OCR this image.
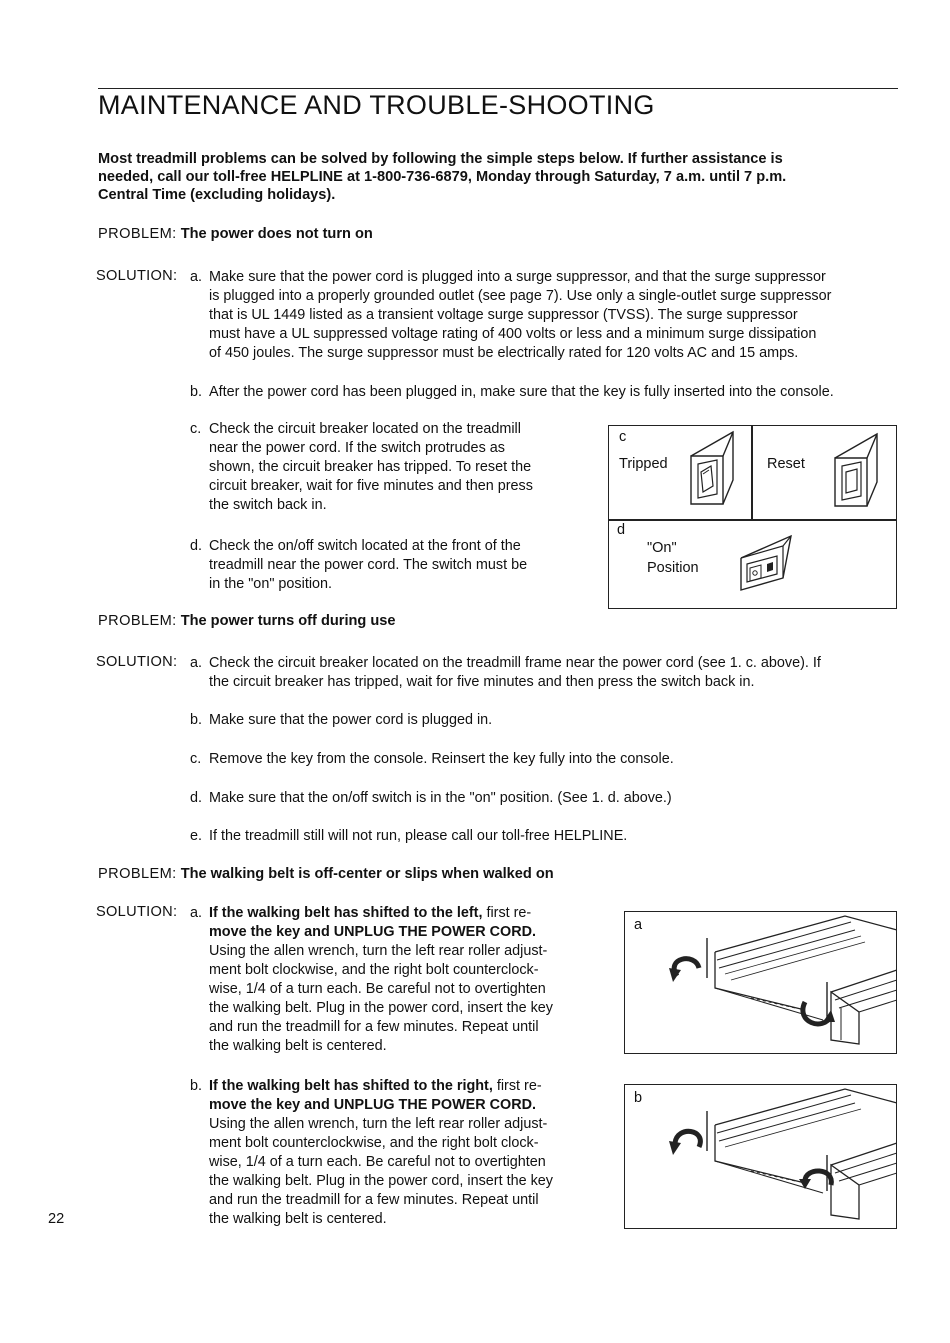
MAINTENANCE AND TROUBLE-SHOOTING
Most treadmill problems can be solved by following the simple steps below. If further assistance is
needed, call our toll-free HELPLINE at 1-800-736-6879, Monday through Saturday, 7 a.m. until 7 p.m.
Central Time (excluding holidays).
PROBLEM: The power does not turn on
SOLUTION: a. Make sure that the power cord is plugged into a surge suppressor, and that the surge suppressor
is plugged into a properly grounded outlet (see page 7). Use only a single-outlet surge suppressor
that is UL 1449 listed as a transient voltage surge suppressor (TVSS). The surge suppressor
must have a UL suppressed voltage rating of 400 volts or less and a minimum surge dissipation
of 450 joules. The surge suppressor must be electrically rated for 120 volts AC and 15 amps.
b. After the power cord has been plugged in, make sure that the key is fully inserted into the console.
c. Check the circuit breaker located on the treadmill
near the power cord. If the switch protrudes as
shown, the circuit breaker has tripped. To reset the
circuit breaker, wait for five minutes and then press
the switch back in.
d. Check the on/off switch located at the front of the
treadmill near the power cord. The switch must be
in the "on" position.
c
Tripped	Reset
d
"On"
Position
PROBLEM: The power turns off during use
SOLUTION: a. Check the circuit breaker located on the treadmill frame near the power cord (see 1. c. above). If
the circuit breaker has tripped, wait for five minutes and then press the switch back in.
b. Make sure that the power cord is plugged in.
c. Remove the key from the console. Reinsert the key fully into the console.
d. Make sure that the on/off switch is in the "on" position. (See 1. d. above.)
e. If the treadmill still will not run, please call our toll-free HELPLINE.
PROBLEM: The walking belt is off-center or slips when walked on
SOLUTION: a. If the walking belt has shifted to the left, first re-
move the key and UNPLUG THE POWER CORD.
Using the allen wrench, turn the left rear roller adjust-
ment bolt clockwise, and the right bolt counterclock-
wise, 1/4 of a turn each. Be careful not to overtighten
the walking belt. Plug in the power cord, insert the key
and run the treadmill for a few minutes. Repeat until
the walking belt is centered.
b. If the walking belt has shifted to the right, first re-
move the key and UNPLUG THE POWER CORD.
Using the allen wrench, turn the left rear roller adjust-
ment bolt counterclockwise, and the right bolt clock-
wise, 1/4 of a turn each. Be careful not to overtighten
the walking belt. Plug in the power cord, insert the key
and run the treadmill for a few minutes. Repeat until
the walking belt is centered.
a
b
22
